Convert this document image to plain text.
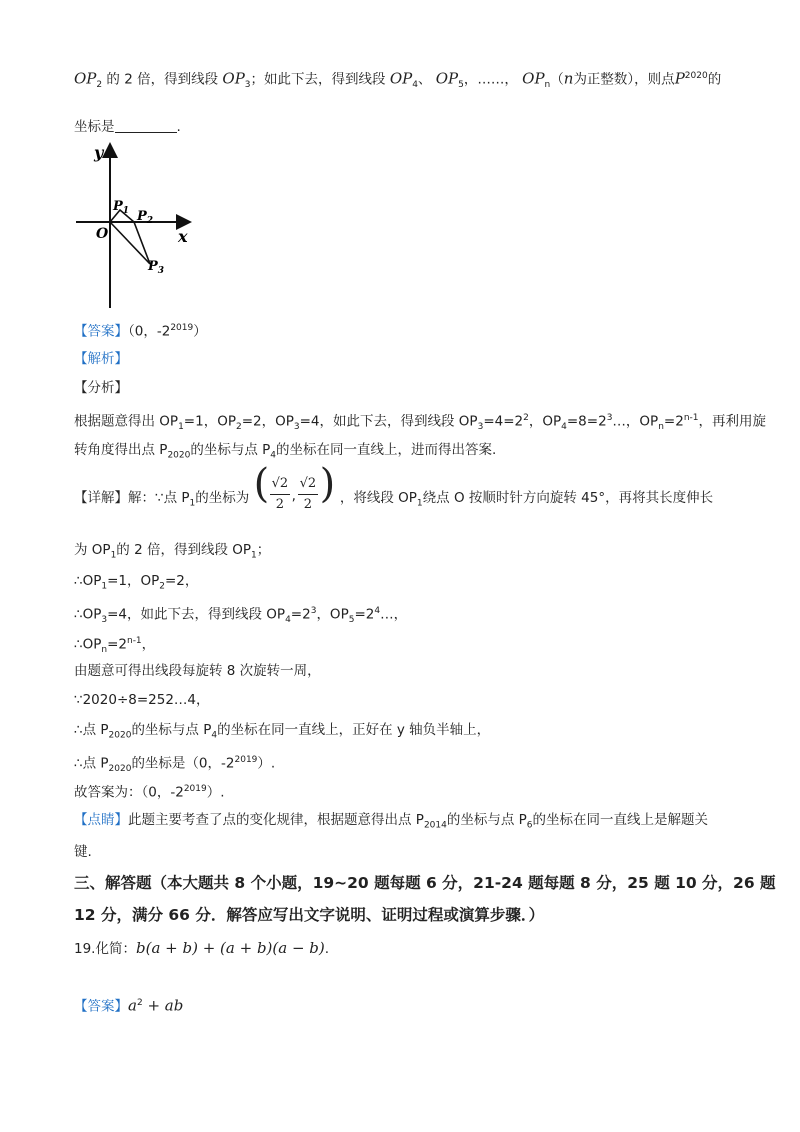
$OP_2$ 的 2 倍，得到线段 $OP_3$；如此下去，得到线段 $OP_4$、 $OP_5$，……， $OP_n(n$为正整数），则点$P^{2020}$的
坐标是	.
y
x
O
$P_1$ $P_2$
$P_3$
【答案】（0，$-2^{2019}$）
【解析】
【分析】
根据题意得出 $OP_1=1$，$OP_2=2$，$OP_3=4$，如此下去，得到线段 $OP_3=4=2^2$，$OP_4=8=2^3\dots$，$OP_n=2^{n-1}$，再利用旋
转角度得出点 $P_{2020}$的坐标与点 $P_4$的坐标在同一直线上，进而得出答案.
【详解】解：∵点 $P_1$的坐标为 ( $\frac{√2}{2}$ , $\frac{√2}{2}$ ) ，将线段 $OP_1$绕点 O 按顺时针方向旋转 45°，再将其长度伸长
为 $OP_1$的 2 倍，得到线段 $OP_1$；
$\therefore OP_1=1$，$OP_2=2$，
$\therefore OP_3=4$，如此下去，得到线段 $OP_4=2^3$，$OP_5=2^4\dots$，
$\therefore OP_n=2^{n-1}$，
由题意可得出线段每旋转 8 次旋转一周，
∵2020÷8=252…4，
∴点 $P_{2020}$的坐标与点 $P_4$的坐标在同一直线上，正好在 y 轴负半轴上，
∴点 $P_{2020}$的坐标是（0，$-2^{2019}$）.
故答案为：（0，$-2^{2019}$）.
【点睛】此题主要考查了点的变化规律，根据题意得出点 $P_{2014}$的坐标与点 $P_6$的坐标在同一直线上是解题关
键.
三、解答题（本大题共 8 个小题，19~20 题每题 6 分，21-24 题每题 8 分，25 题 10 分，26 题
12 分，满分 66 分．解答应写出文字说明、证明过程或演算步骤．）
19.化简：b(a + b) + (a + b)(a − b).
【答案】$a^2$ + ab
